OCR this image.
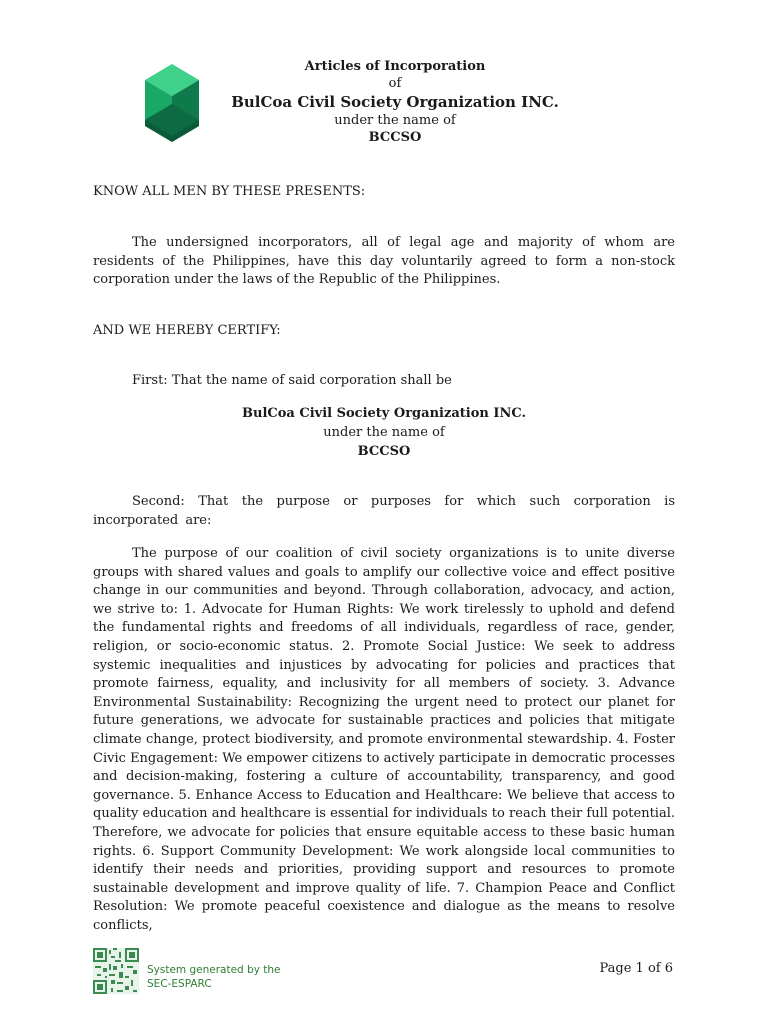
Articles of Incorporation
of
BulCoa Civil Society Organization INC.
under the name of
BCCSO
KNOW ALL MEN BY THESE PRESENTS:
The undersigned incorporators, all of legal age and majority of whom are residents of the Philippines, have this day voluntarily agreed to form a non-stock corporation under the laws of the Republic of the Philippines.
AND WE HEREBY CERTIFY:
First: That the name of said corporation shall be
BulCoa Civil Society Organization INC.
under the name of
BCCSO
Second: That the purpose or purposes for which such corporation is incorporated are:
The purpose of our coalition of civil society organizations is to unite diverse groups with shared values and goals to amplify our collective voice and effect positive change in our communities and beyond. Through collaboration, advocacy, and action, we strive to: 1. Advocate for Human Rights: We work tirelessly to uphold and defend the fundamental rights and freedoms of all individuals, regardless of race, gender, religion, or socio-economic status. 2. Promote Social Justice: We seek to address systemic inequalities and injustices by advocating for policies and practices that promote fairness, equality, and inclusivity for all members of society. 3. Advance Environmental Sustainability: Recognizing the urgent need to protect our planet for future generations, we advocate for sustainable practices and policies that mitigate climate change, protect biodiversity, and promote environmental stewardship. 4. Foster Civic Engagement: We empower citizens to actively participate in democratic processes and decision-making, fostering a culture of accountability, transparency, and good governance. 5. Enhance Access to Education and Healthcare: We believe that access to quality education and healthcare is essential for individuals to reach their full potential. Therefore, we advocate for policies that ensure equitable access to these basic human rights. 6. Support Community Development: We work alongside local communities to identify their needs and priorities, providing support and resources to promote sustainable development and improve quality of life. 7. Champion Peace and Conflict Resolution: We promote peaceful coexistence and dialogue as the means to resolve conflicts,
System generated by the
SEC-ESPARC
Page 1 of 6
